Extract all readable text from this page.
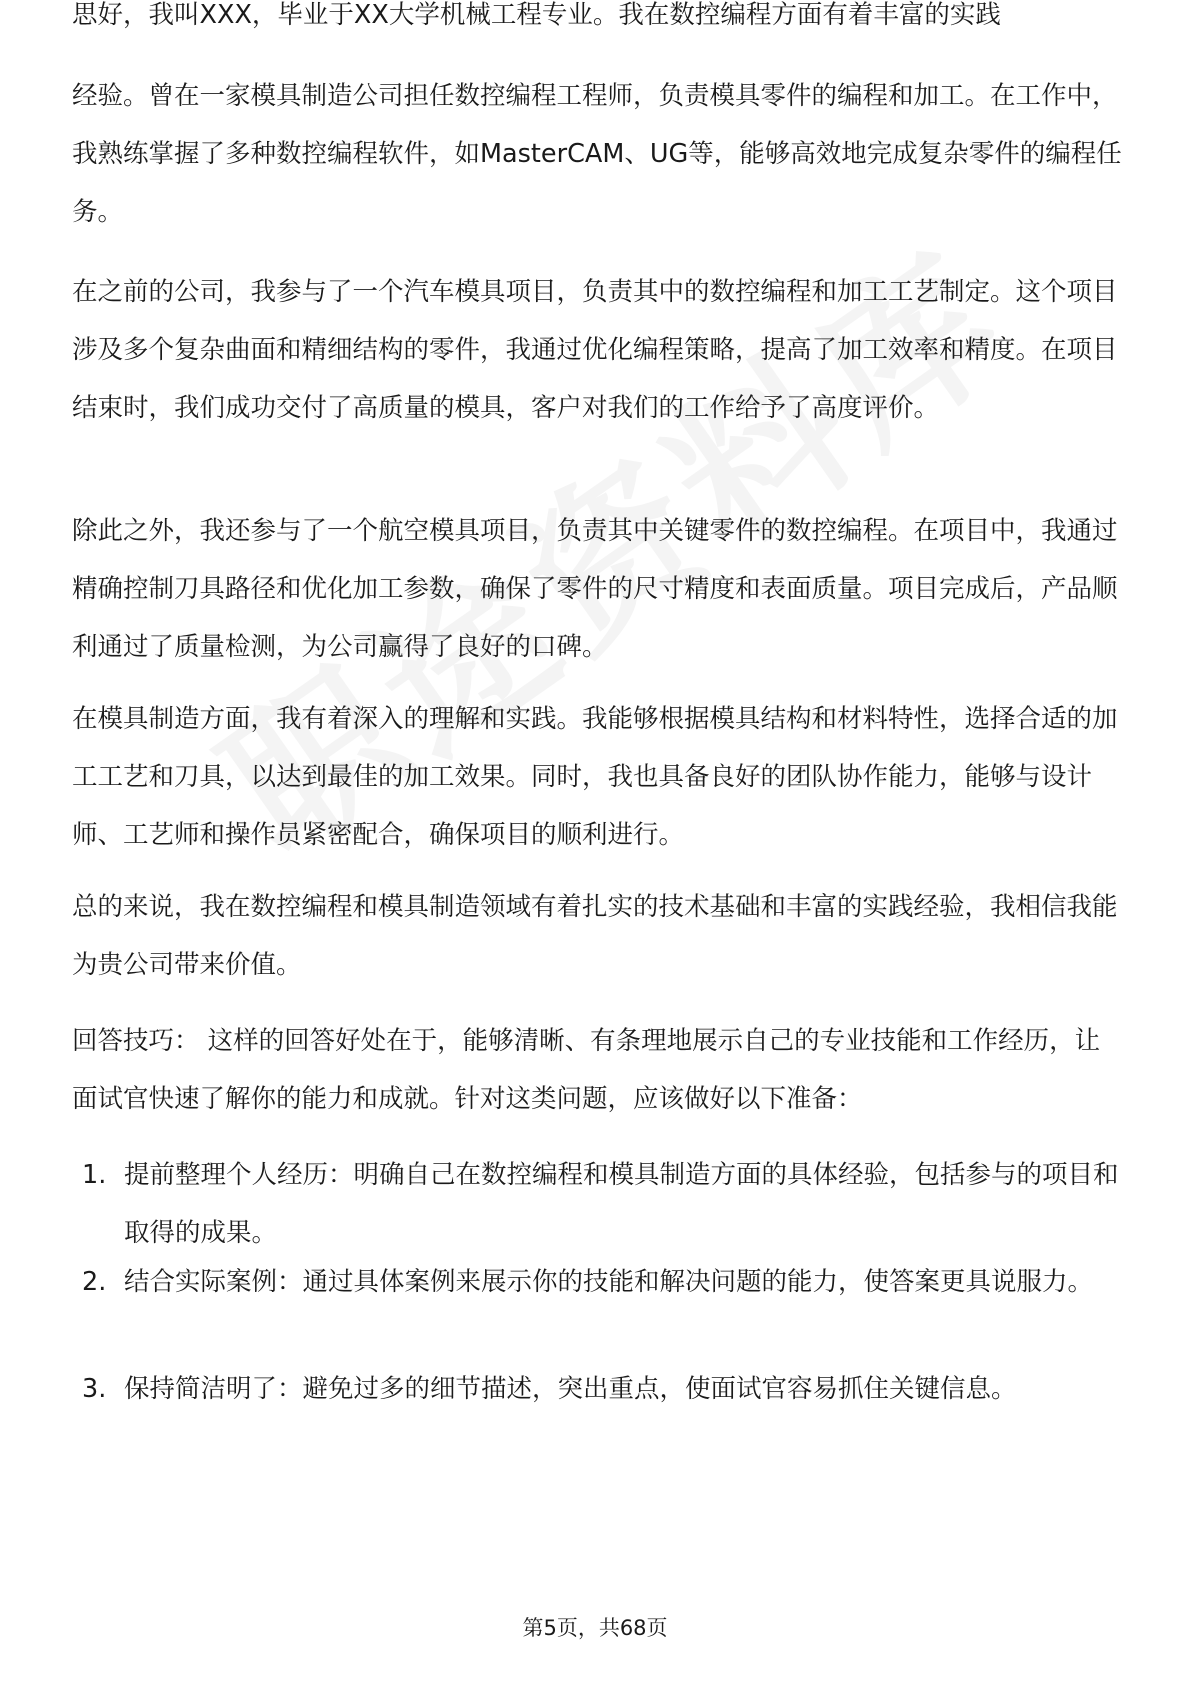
思好，我叫XXX，毕业于XX大学机械工程专业。我在数控编程方面有着丰富的实践

经验。曾在一家模具制造公司担任数控编程工程师，负责模具零件的编程和加工。在工作中，我熟练掌握了多种数控编程软件，如MasterCAM、UG等，能够高效地完成复杂零件的编程任务。

在之前的公司，我参与了一个汽车模具项目，负责其中的数控编程和加工工艺制定。这个项目涉及多个复杂曲面和精细结构的零件，我通过优化编程策略，提高了加工效率和精度。在项目结束时，我们成功交付了高质量的模具，客户对我们的工作给予了高度评价。

除此之外，我还参与了一个航空模具项目，负责其中关键零件的数控编程。在项目中，我通过精确控制刀具路径和优化加工参数，确保了零件的尺寸精度和表面质量。项目完成后，产品顺利通过了质量检测，为公司赢得了良好的口碑。

在模具制造方面，我有着深入的理解和实践。我能够根据模具结构和材料特性，选择合适的加工工艺和刀具，以达到最佳的加工效果。同时，我也具备良好的团队协作能力，能够与设计师、工艺师和操作员紧密配合，确保项目的顺利进行。

总的来说，我在数控编程和模具制造领域有着扎实的技术基础和丰富的实践经验，我相信我能为贵公司带来价值。

回答技巧： 这样的回答好处在于，能够清晰、有条理地展示自己的专业技能和工作经历，让面试官快速了解你的能力和成就。针对这类问题，应该做好以下准备：

1. 提前整理个人经历：明确自己在数控编程和模具制造方面的具体经验，包括参与的项目和取得的成果。
2. 结合实际案例：通过具体案例来展示你的技能和解决问题的能力，使答案更具说服力。
3. 保持简洁明了：避免过多的细节描述，突出重点，使面试官容易抓住关键信息。
第5页，共68页
